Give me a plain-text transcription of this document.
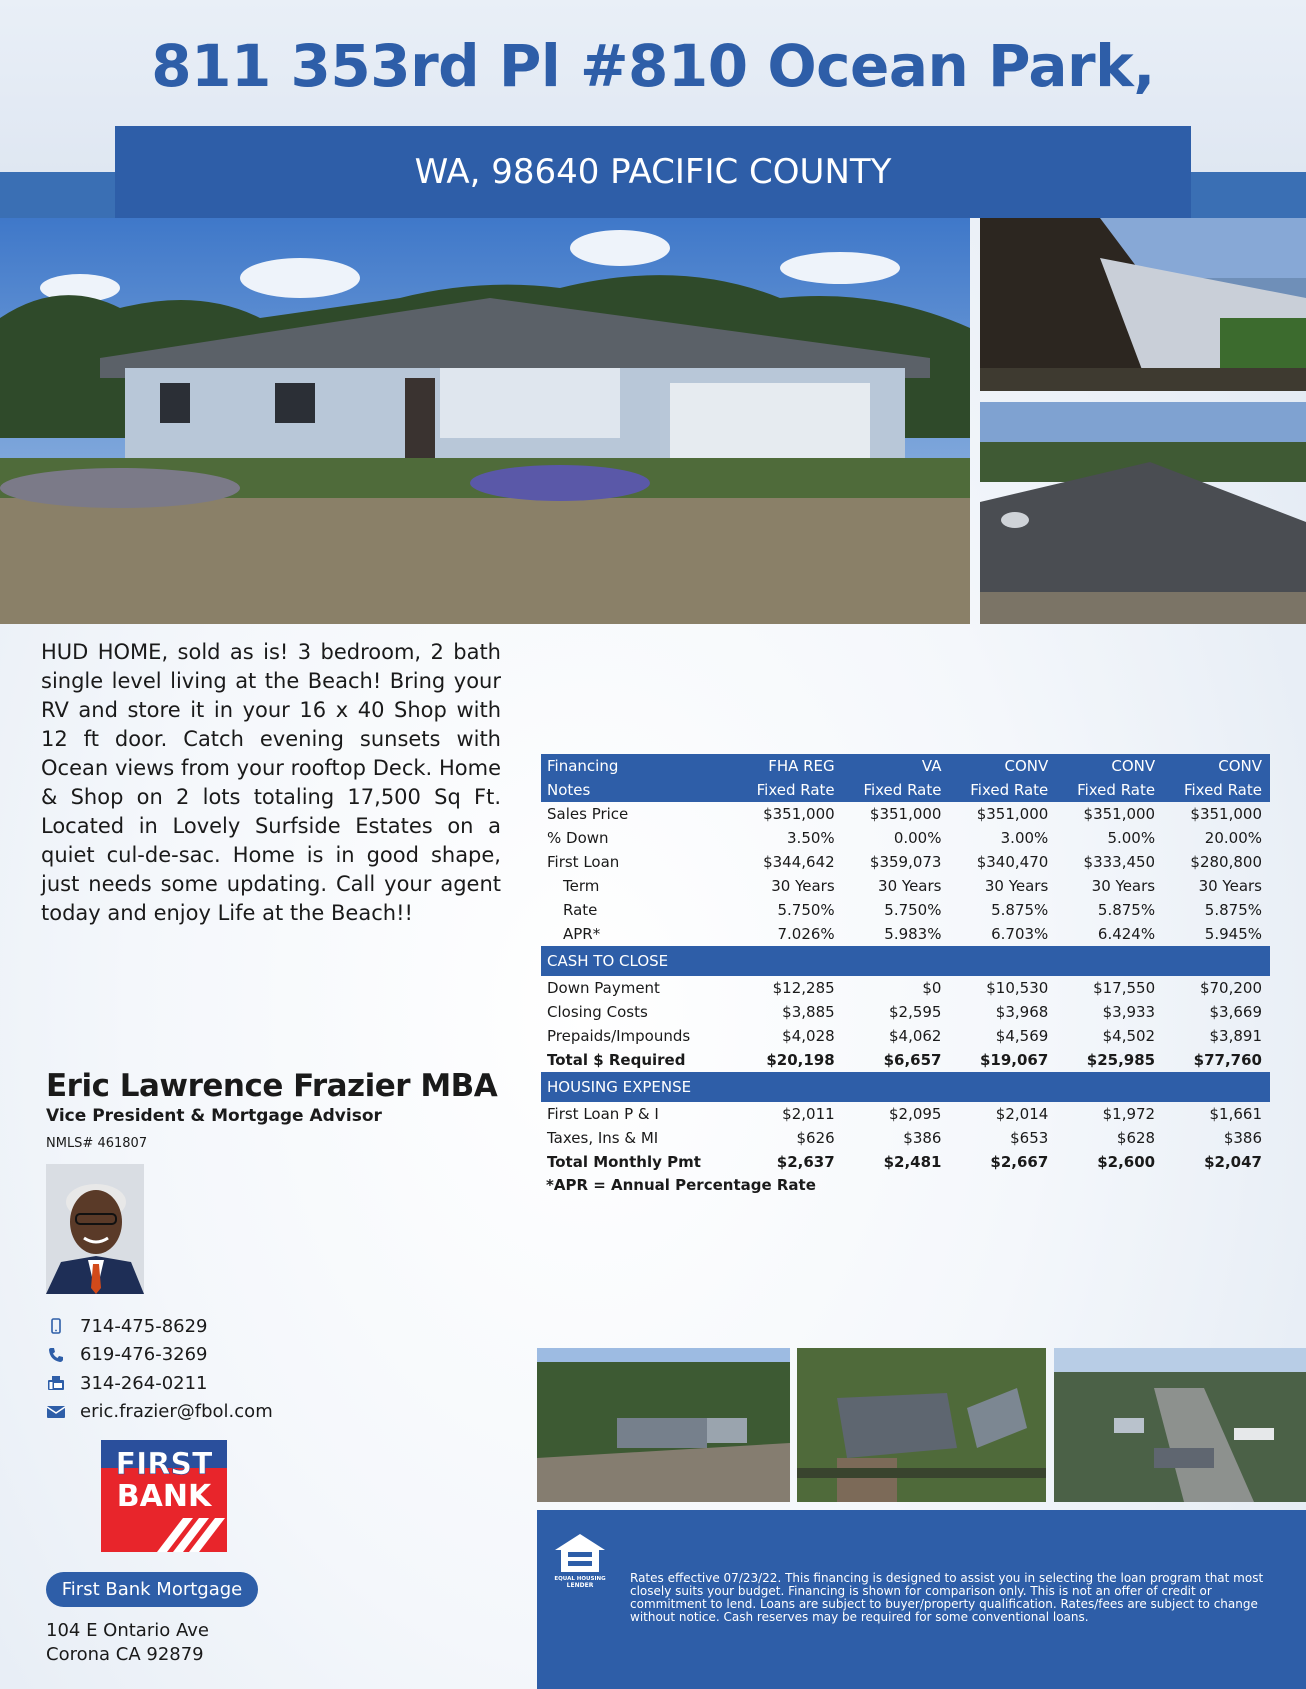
811 353rd Pl #810 Ocean Park,
WA, 98640 PACIFIC COUNTY
HUD HOME, sold as is! 3 bedroom, 2 bath single level living at the Beach! Bring your RV and store it in your 16 x 40 Shop with 12 ft door. Catch evening sunsets with Ocean views from your rooftop Deck. Home & Shop on 2 lots totaling 17,500 Sq Ft. Located in Lovely Surfside Estates on a quiet cul-de-sac. Home is in good shape, just needs some updating. Call your agent today and enjoy Life at the Beach!!
Eric Lawrence Frazier MBA
Vice President & Mortgage Advisor
NMLS# 461807
714-475-8629
619-476-3269
314-264-0211
eric.frazier@fbol.com
FIRST
BANK
First Bank Mortgage
104 E Ontario Ave
Corona CA 92879
Financing	FHA REG	VA	CONV	CONV	CONV
Notes	Fixed Rate	Fixed Rate	Fixed Rate	Fixed Rate	Fixed Rate
Sales Price	$351,000	$351,000	$351,000	$351,000	$351,000
% Down	3.50%	0.00%	3.00%	5.00%	20.00%
First Loan	$344,642	$359,073	$340,470	$333,450	$280,800
Term	30 Years	30 Years	30 Years	30 Years	30 Years
Rate	5.750%	5.750%	5.875%	5.875%	5.875%
APR*	7.026%	5.983%	6.703%	6.424%	5.945%
CASH TO CLOSE					
Down Payment	$12,285	$0	$10,530	$17,550	$70,200
Closing Costs	$3,885	$2,595	$3,968	$3,933	$3,669
Prepaids/Impounds	$4,028	$4,062	$4,569	$4,502	$3,891
Total $ Required	$20,198	$6,657	$19,067	$25,985	$77,760
HOUSING EXPENSE					
First Loan P & I	$2,011	$2,095	$2,014	$1,972	$1,661
Taxes, Ins & MI	$626	$386	$653	$628	$386
Total Monthly Pmt	$2,637	$2,481	$2,667	$2,600	$2,047
*APR = Annual Percentage Rate
EQUAL HOUSING
LENDER
Rates effective 07/23/22. This financing is designed to assist you in selecting the loan program that most closely suits your budget. Financing is shown for comparison only. This is not an offer of credit or commitment to lend. Loans are subject to buyer/property qualification. Rates/fees are subject to change without notice. Cash reserves may be required for some conventional loans.
